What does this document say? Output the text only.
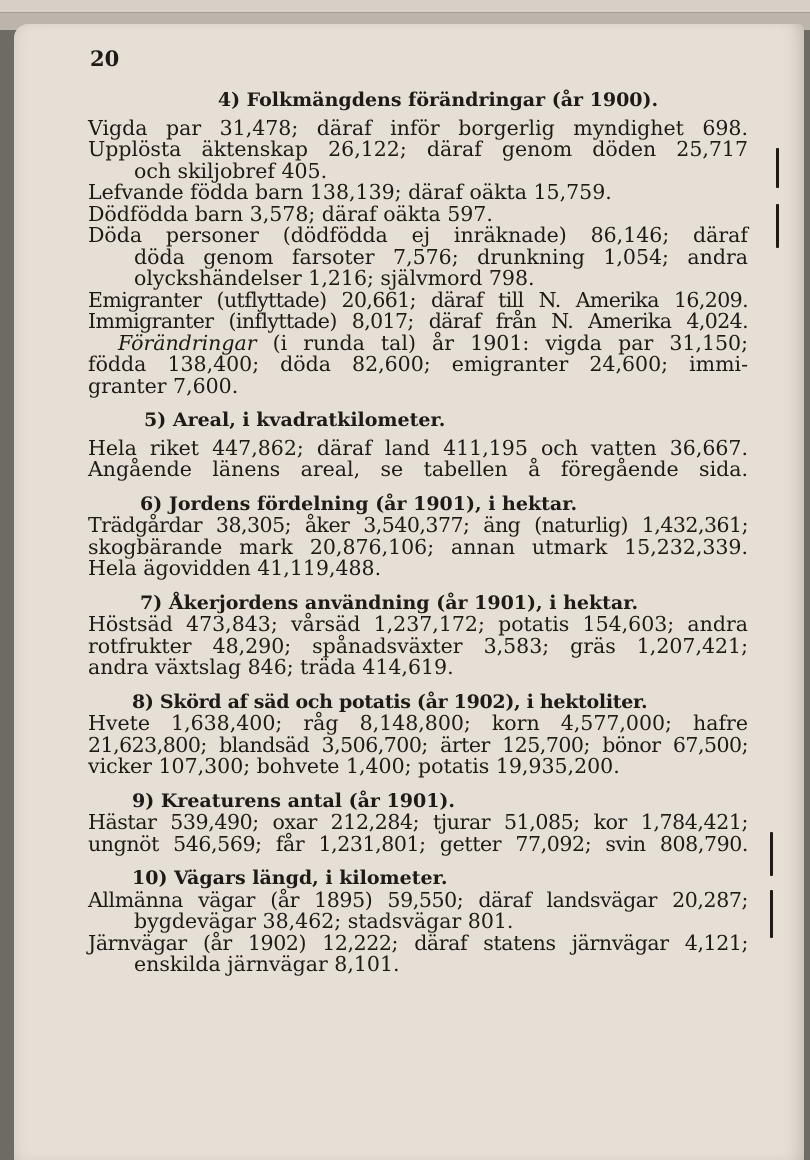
20
4) Folkmängdens förändringar (år 1900).
Vigda par 31,478; däraf inför borgerlig myndighet 698.
Upplösta äktenskap 26,122; däraf genom döden 25,717
och skiljobref 405.
Lefvande födda barn 138,139; däraf oäkta 15,759.
Dödfödda barn 3,578; däraf oäkta 597.
Döda personer (dödfödda ej inräknade) 86,146; däraf
döda genom farsoter 7,576; drunkning 1,054; andra
olyckshändelser 1,216; självmord 798.
Emigranter (utflyttade) 20,661; däraf till N. Amerika 16,209.
Immigranter (inflyttade) 8,017; däraf från N. Amerika 4,024.
Förändringar (i runda tal) år 1901: vigda par 31,150;
födda 138,400; döda 82,600; emigranter 24,600; immi-
granter 7,600.
5) Areal, i kvadratkilometer.
Hela riket 447,862; däraf land 411,195 och vatten 36,667.
Angående länens areal, se tabellen å föregående sida.
6) Jordens fördelning (år 1901), i hektar.
Trädgårdar 38,305; åker 3,540,377; äng (naturlig) 1,432,361;
skogbärande mark 20,876,106; annan utmark 15,232,339.
Hela ägovidden 41,119,488.
7) Åkerjordens användning (år 1901), i hektar.
Höstsäd 473,843; vårsäd 1,237,172; potatis 154,603; andra
rotfrukter 48,290; spånadsväxter 3,583; gräs 1,207,421;
andra växtslag 846; träda 414,619.
8) Skörd af säd och potatis (år 1902), i hektoliter.
Hvete 1,638,400; råg 8,148,800; korn 4,577,000; hafre
21,623,800; blandsäd 3,506,700; ärter 125,700; bönor 67,500;
vicker 107,300; bohvete 1,400; potatis 19,935,200.
9) Kreaturens antal (år 1901).
Hästar 539,490; oxar 212,284; tjurar 51,085; kor 1,784,421;
ungnöt 546,569; får 1,231,801; getter 77,092; svin 808,790.
10) Vägars längd, i kilometer.
Allmänna vägar (år 1895) 59,550; däraf landsvägar 20,287;
bygdevägar 38,462; stadsvägar 801.
Järnvägar (år 1902) 12,222; däraf statens järnvägar 4,121;
enskilda järnvägar 8,101.
